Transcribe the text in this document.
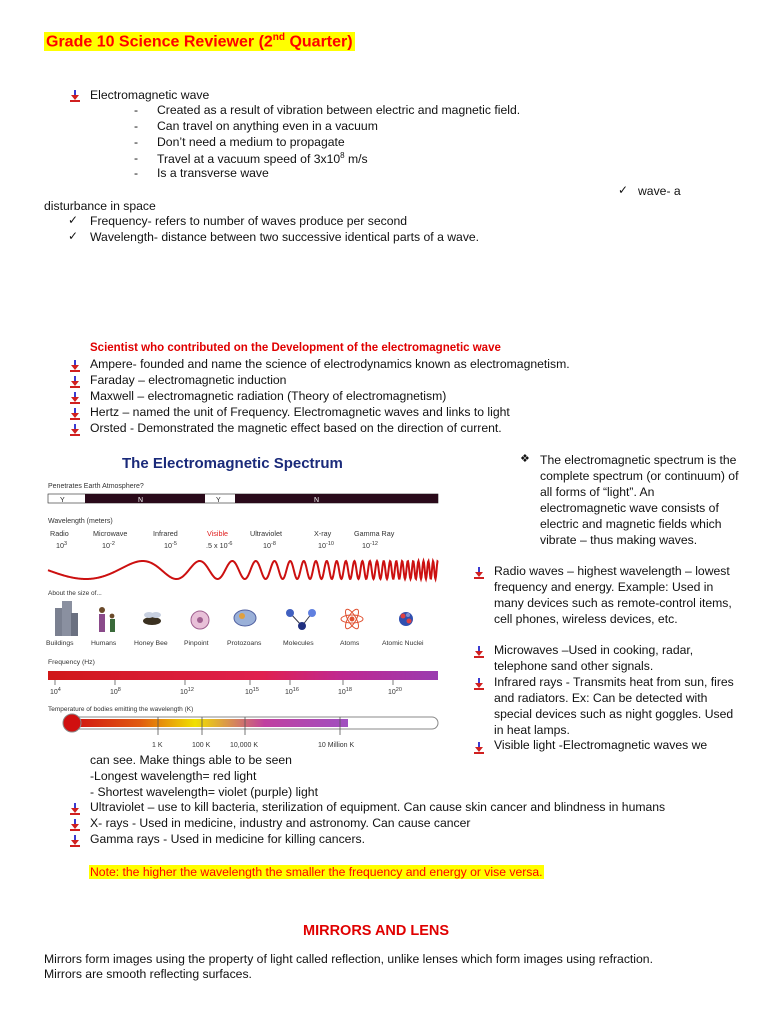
Grade 10 Science Reviewer (2nd Quarter)
Electromagnetic wave
- Created as a result of vibration between electric and magnetic field.
- Can travel on anything even in a vacuum
- Don’t need a medium to propagate
- Travel at a vacuum speed of $3x10^8$ m/s
- Is a transverse wave
✓ wave- a
disturbance in space
✓ Frequency- refers to number of waves produce per second
✓ Wavelength- distance between two successive identical parts of a wave.
Scientist who contributed on the Development of the electromagnetic wave
Ampere- founded and name the science of electrodynamics known as electromagnetism.
Faraday – electromagnetic induction
Maxwell – electromagnetic radiation (Theory of electromagnetism)
Hertz – named the unit of Frequency. Electromagnetic waves and links to light
Orsted - Demonstrated the magnetic effect based on the direction of current.
The Electromagnetic Spectrum
Penetrates Earth Atmosphere?
Y	N	Y	N
Wavelength (meters)
Radio	Microwave	Infrared	Visible	Ultraviolet	X-ray	Gamma Ray
$10^3$	$10^{-2}$	$10^{-5}$	.5 x $10^{-6}$	$10^{-8}$	$10^{-10}$	$10^{-12}$
About the size of...
Buildings	Humans	Honey Bee Pinpoint	Protozoans	Molecules	Atoms	Atomic Nuclei
Frequency (Hz)
$10^4$	$10^8$	$10^{12}$	$10^{15}$	$10^{16}$	$10^{18}$	$10^{20}$
Temperature of bodies emitting the wavelength (K)
1 K	100 K	10,000 K	10 Million K
❖ The electromagnetic spectrum is the complete spectrum (or continuum) of all forms of “light”. An electromagnetic wave consists of electric and magnetic fields which vibrate – thus making waves.
Radio waves – highest wavelength – lowest frequency and energy. Example: Used in many devices such as remote-control items, cell phones, wireless devices, etc.
Microwaves –Used in cooking, radar, telephone sand other signals.
Infrared rays - Transmits heat from sun, fires and radiators. Ex: Can be detected with special devices such as night goggles. Used in heat lamps.
Visible light -Electromagnetic waves we
can see. Make things able to be seen
-Longest wavelength= red light
- Shortest wavelength= violet (purple) light
Ultraviolet – use to kill bacteria, sterilization of equipment. Can cause skin cancer and blindness in humans
X- rays - Used in medicine, industry and astronomy. Can cause cancer
Gamma rays - Used in medicine for killing cancers.
Note: the higher the wavelength the smaller the frequency and energy or vise versa.
MIRRORS AND LENS
Mirrors form images using the property of light called reflection, unlike lenses which form images using refraction.
Mirrors are smooth reflecting surfaces.
